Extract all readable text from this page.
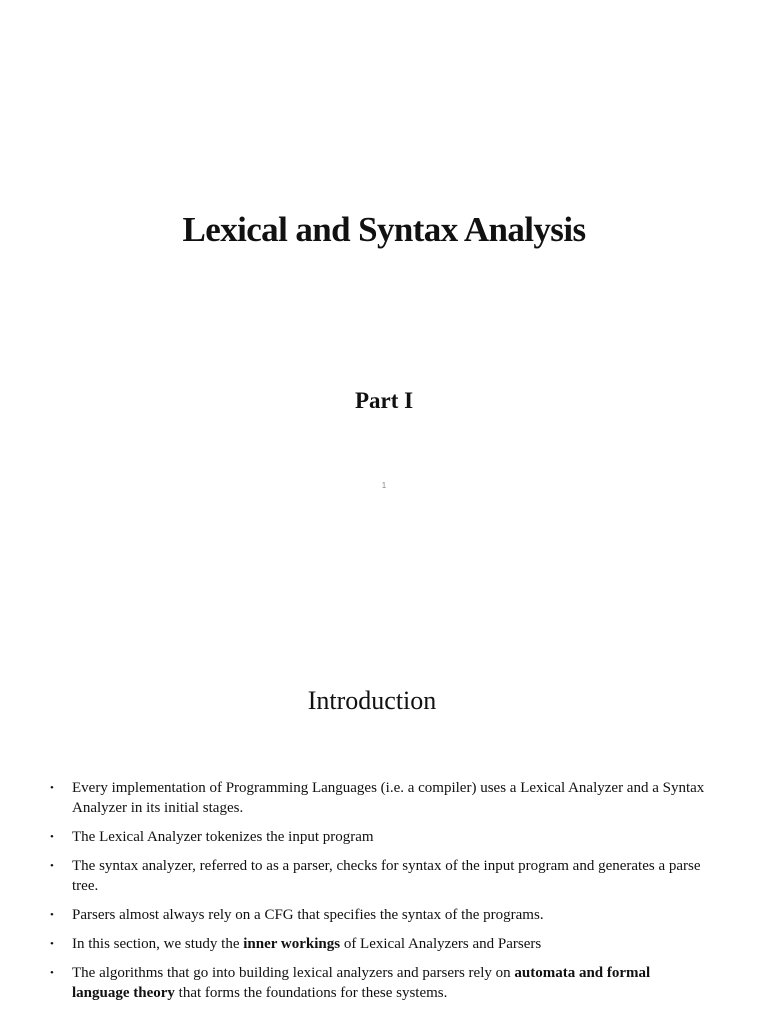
Lexical and Syntax Analysis
Part I
1
Introduction
• Every implementation of Programming Languages (i.e. a compiler) uses a Lexical Analyzer and a Syntax Analyzer in its initial stages.
• The Lexical Analyzer tokenizes the input program
• The syntax analyzer, referred to as a parser, checks for syntax of the input program and generates a parse tree.
• Parsers almost always rely on a CFG that specifies the syntax of the programs.
• In this section, we study the inner workings of Lexical Analyzers and Parsers
• The algorithms that go into building lexical analyzers and parsers rely on automata and formal language theory that forms the foundations for these systems.
